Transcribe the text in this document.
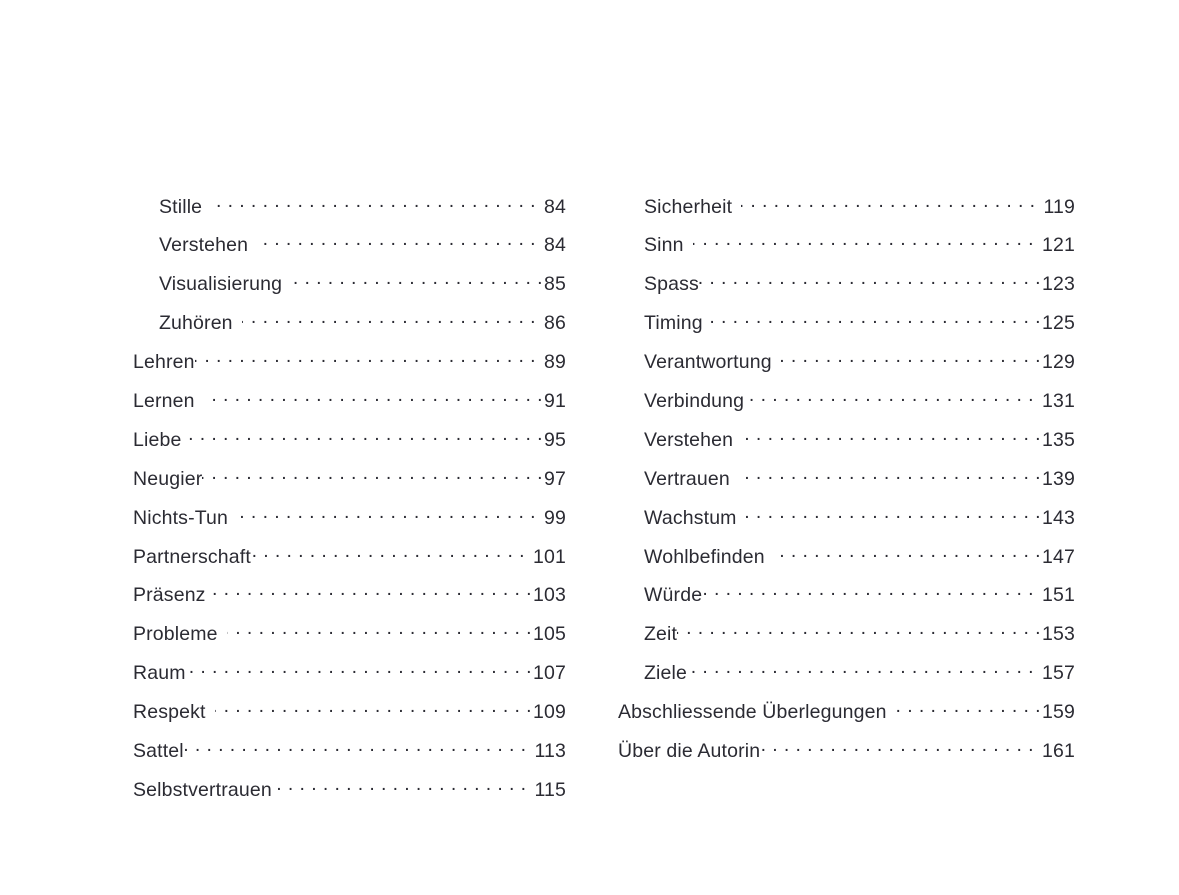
Stille . . .	84
Verstehen . . .	84
Visualisierung . . .	85
Zuhören . . .	86
Lehren . . .	89
Lernen . . .	91
Liebe . . .	95
Neugier . . .	97
Nichts-Tun . . .	99
Partnerschaft . . .	101
Präsenz . . .	103
Probleme . . .	105
Raum . . .	107
Respekt . . .	109
Sattel . . .	113
Selbstvertrauen . . .	115
Sicherheit . . .	119
Sinn . . .	121
Spass . . .	123
Timing . . .	125
Verantwortung . . .	129
Verbindung . . .	131
Verstehen . . .	135
Vertrauen . . .	139
Wachstum . . .	143
Wohlbefinden . . .	147
Würde . . .	151
Zeit . . .	153
Ziele . . .	157
Abschliessende Überlegungen . . .	159
Über die Autorin . . .	161
